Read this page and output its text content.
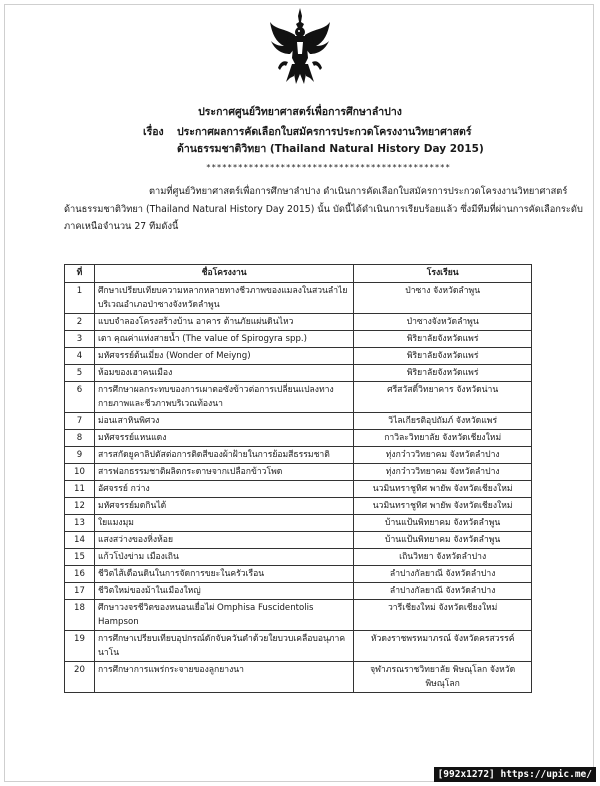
ประกาศศูนย์วิทยาศาสตร์เพื่อการศึกษาลำปาง
เรื่อง ประกาศผลการคัดเลือกใบสมัครการประกวดโครงงานวิทยาศาสตร์
ด้านธรรมชาติวิทยา (Thailand Natural History Day 2015)
**********************************************

ตามที่ศูนย์วิทยาศาสตร์เพื่อการศึกษาลำปาง ดำเนินการคัดเลือกใบสมัครการประกวดโครงงานวิทยาศาสตร์ด้านธรรมชาติวิทยา (Thailand Natural History Day 2015) นั้น บัดนี้ได้ดำเนินการเรียบร้อยแล้ว ซึ่งมีทีมที่ผ่านการคัดเลือกระดับภาคเหนือจำนวน 27 ทีมดังนี้

ที่	ชื่อโครงงาน	โรงเรียน
1	ศึกษาเปรียบเทียบความหลากหลายทางชีวภาพของแมลงในสวนลำไยบริเวณอำเภอป่าซางจังหวัดลำพูน	ป่าซาง จังหวัดลำพูน
2	แบบจำลองโครงสร้างบ้าน อาคาร ต้านภัยแผ่นดินไหว	ป่าซางจังหวัดลำพูน
3	เตา คุณค่าแห่งสายน้ำ (The value of Spirogyra spp.)	พิริยาลัยจังหวัดแพร่
4	มหัศจรรย์ต้นเมี่ยง (Wonder of Meiyng)	พิริยาลัยจังหวัดแพร่
5	ห้อมของเฮาคนเมือง	พิริยาลัยจังหวัดแพร่
6	การศึกษาผลกระทบของการเผาตอซังข้าวต่อการเปลี่ยนแปลงทางกายภาพและชีวภาพบริเวณท้องนา	ศรีสวัสดิ์วิทยาคาร จังหวัดน่าน
7	ม่อนเสาหินพิศวง	วิไลเกียรติอุปถัมภ์ จังหวัดแพร่
8	มหัศจรรย์แหนแดง	กาวิละวิทยาลัย จังหวัดเชียงใหม่
9	สารสกัดยูคาลิปตัสต่อการติดสีของผ้าฝ้ายในการย้อมสีธรรมชาติ	ทุ่งกว๋าววิทยาคม จังหวัดลำปาง
10	สารฟอกธรรมชาติผลิตกระดาษจากเปลือกข้าวโพด	ทุ่งกว๋าววิทยาคม จังหวัดลำปาง
11	อัศจรรย์ กว่าง	นวมินทราชูทิศ พายัพ จังหวัดเชียงใหม่
12	มหัศจรรย์มดกินได้	นวมินทราชูทิศ พายัพ จังหวัดเชียงใหม่
13	ใยแมงมุม	บ้านแป้นพิทยาคม จังหวัดลำพูน
14	แสงสว่างของหิ่งห้อย	บ้านแป้นพิทยาคม จังหวัดลำพูน
15	แก้วโป่งข่าม เมืองเถิน	เถินวิทยา จังหวัดลำปาง
16	ชีวิตไส้เดือนดินในการจัดการขยะในครัวเรือน	ลำปางกัลยาณี จังหวัดลำปาง
17	ชีวิตใหม่ของม้าในเมืองใหญ่	ลำปางกัลยาณี จังหวัดลำปาง
18	ศึกษาวงจรชีวิตของหนอนเยื่อไผ่ Omphisa Fuscidentolis Hampson	วารีเชียงใหม่ จังหวัดเชียงใหม่
19	การศึกษาเปรียบเทียบอุปกรณ์ดักจับควันดำด้วยใยบวบเคลือบอนุภาคนาโน	หัวดงราชพรหมาภรณ์ จังหวัดครสวรรค์
20	การศึกษาการแพร่กระจายของลูกยางนา	จุฬาภรณราชวิทยาลัย พิษณุโลก จังหวัดพิษณุโลก
[992x1272] https://upic.me/
